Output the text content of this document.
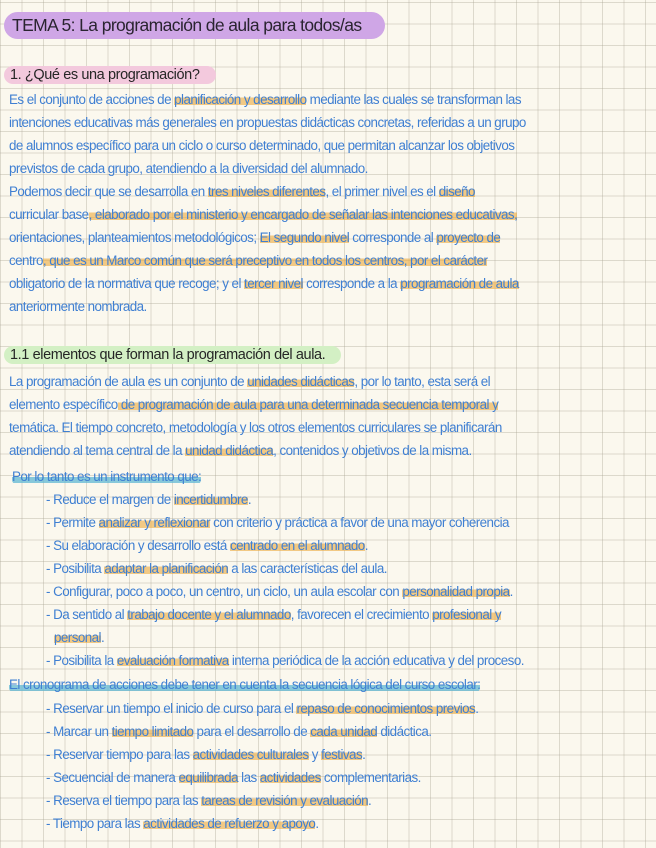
TEMA 5: La programación de aula para todos/as
1. ¿Qué es una programación?
Es el conjunto de acciones de planificación y desarrollo mediante las cuales se transforman las
intenciones educativas más generales en propuestas didácticas concretas, referidas a un grupo
de alumnos específico para un ciclo o curso determinado, que permitan alcanzar los objetivos
previstos de cada grupo, atendiendo a la diversidad del alumnado.
Podemos decir que se desarrolla en tres niveles diferentes, el primer nivel es el diseño
curricular base, elaborado por el ministerio y encargado de señalar las intenciones educativas,
orientaciones, planteamientos metodológicos; El segundo nivel corresponde al proyecto de
centro, que es un Marco común que será preceptivo en todos los centros, por el carácter
obligatorio de la normativa que recoge; y el tercer nivel corresponde a la programación de aula
anteriormente nombrada.
1.1 elementos que forman la programación del aula.
La programación de aula es un conjunto de unidades didácticas, por lo tanto, esta será el
elemento específico de programación de aula para una determinada secuencia temporal y
temática. El tiempo concreto, metodología y los otros elementos curriculares se planificarán
atendiendo al tema central de la unidad didáctica, contenidos y objetivos de la misma.
Por lo tanto es un instrumento que:
- Reduce el margen de incertidumbre.
- Permite analizar y reflexionar con criterio y práctica a favor de una mayor coherencia
- Su elaboración y desarrollo está centrado en el alumnado.
- Posibilita adaptar la planificación a las características del aula.
- Configurar, poco a poco, un centro, un ciclo, un aula escolar con personalidad propia.
- Da sentido al trabajo docente y el alumnado, favorecen el crecimiento profesional y
personal.
- Posibilita la evaluación formativa interna periódica de la acción educativa y del proceso.
El cronograma de acciones debe tener en cuenta la secuencia lógica del curso escolar:
- Reservar un tiempo el inicio de curso para el repaso de conocimientos previos.
- Marcar un tiempo limitado para el desarrollo de cada unidad didáctica.
- Reservar tiempo para las actividades culturales y festivas.
- Secuencial de manera equilibrada las actividades complementarias.
- Reserva el tiempo para las tareas de revisión y evaluación.
- Tiempo para las actividades de refuerzo y apoyo.
